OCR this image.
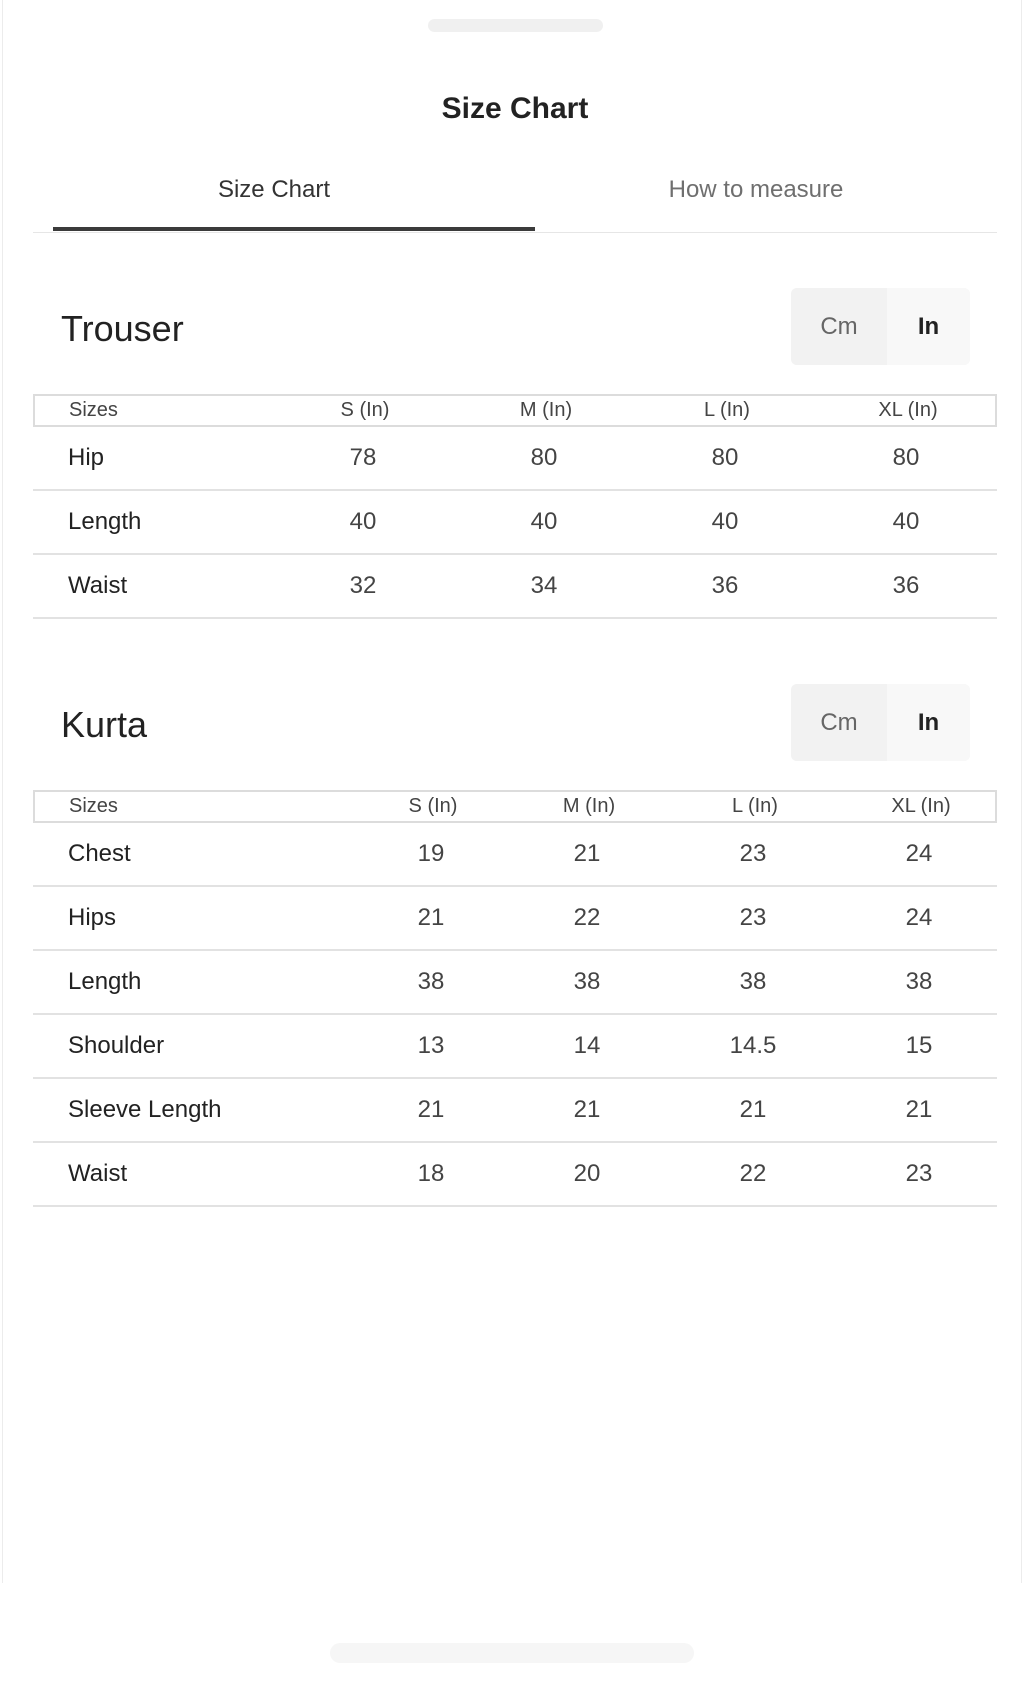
Size Chart
Size Chart	How to measure
Trouser	Cm	In
Sizes	S (In)	M (In)	L (In)	XL (In)
Hip	78	80	80	80
Length	40	40	40	40
Waist	32	34	36	36
Kurta	Cm	In
Sizes	S (In)	M (In)	L (In)	XL (In)
Chest	19	21	23	24
Hips	21	22	23	24
Length	38	38	38	38
Shoulder	13	14	14.5	15
Sleeve Length	21	21	21	21
Waist	18	20	22	23
